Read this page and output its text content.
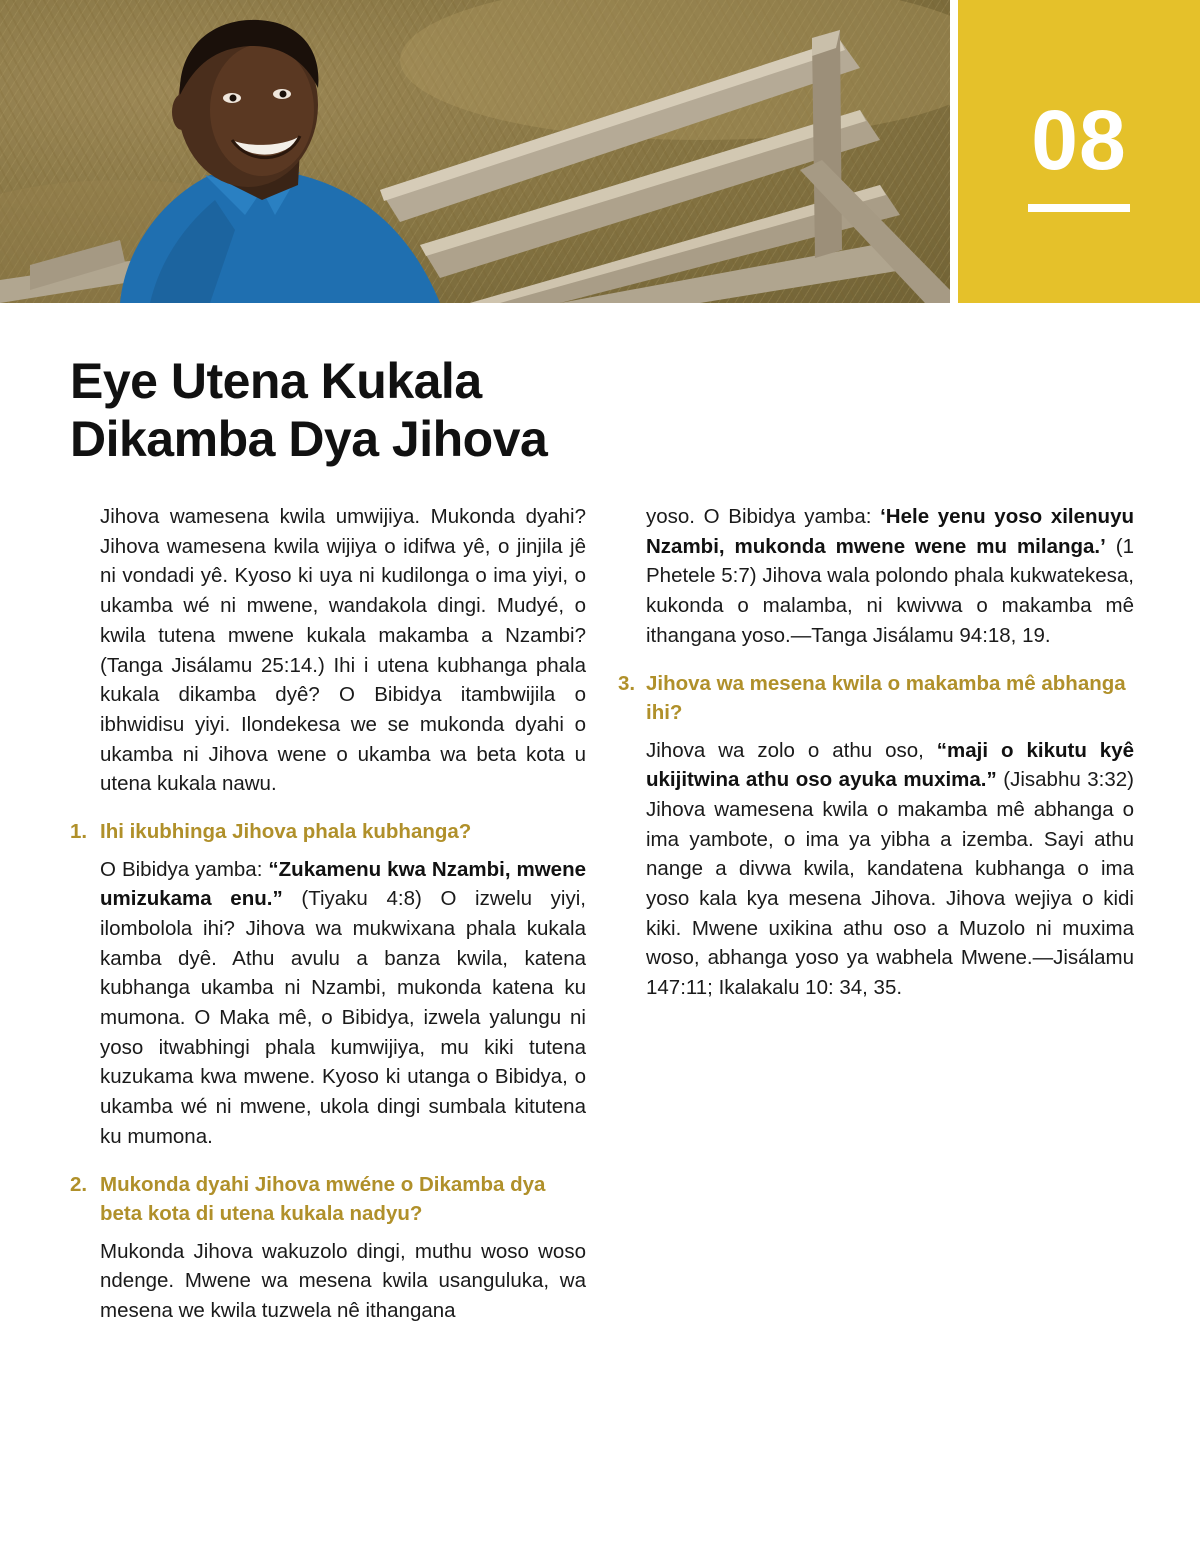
08
Eye Utena Kukala
Dikamba Dya Jihova

Jihova wamesena kwila umwijiya. Mukonda dyahi? Jihova wamesena kwila wijiya o idifwa yê, o jinjila jê ni vondadi yê. Kyoso ki uya ni kudilonga o ima yiyi, o ukamba wé ni mwene, wandakola dingi. Mudyé, o kwila tutena mwene kukala makamba a Nzambi? (Tanga Jisálamu 25:14.) Ihi i utena kubhanga phala kukala dikamba dyê? O Bibidya itambwijila o ibhwidisu yiyi. Ilondekesa we se mukonda dyahi o ukamba ni Jihova wene o ukamba wa beta kota u utena kukala nawu.

1. Ihi ikubhinga Jihova phala kubhanga?

O Bibidya yamba: “Zukamenu kwa Nzambi, mwene umizukama enu.” (Tiyaku 4:8) O izwelu yiyi, ilombolola ihi? Jihova wa mukwixana phala kukala kamba dyê. Athu avulu a banza kwila, katena kubhanga ukamba ni Nzambi, mukonda katena ku mumona. O Maka mê, o Bibidya, izwela yalungu ni yoso itwabhingi phala kumwijiya, mu kiki tutena kuzukama kwa mwene. Kyoso ki utanga o Bibidya, o ukamba wé ni mwene, ukola dingi sumbala kitutena ku mumona.

2. Mukonda dyahi Jihova mwéne o Dikamba dya beta kota di utena kukala nadyu?

Mukonda Jihova wakuzolo dingi, muthu woso woso ndenge. Mwene wa mesena kwila usanguluka, wa mesena we kwila tuzwela nê ithangana

yoso. O Bibidya yamba: ‘Hele yenu yoso xilenuyu Nzambi, mukonda mwene wene mu milanga.’ (1 Phetele 5:7) Jihova wala polondo phala kukwatekesa, kukonda o malamba, ni kwivwa o makamba mê ithangana yoso.—Tanga Jisálamu 94:18, 19.

3. Jihova wa mesena kwila o makamba mê abhanga ihi?

Jihova wa zolo o athu oso, “maji o kikutu kyê ukijitwina athu oso ayuka muxima.” (Jisabhu 3:32) Jihova wamesena kwila o makamba mê abhanga o ima yambote, o ima ya yibha a izemba. Sayi athu nange a divwa kwila, kandatena kubhanga o ima yoso kala kya mesena Jihova. Jihova wejiya o kidi kiki. Mwene uxikina athu oso a Muzolo ni muxima woso, abhanga yoso ya wabhela Mwene.—Jisálamu 147:11; Ikalakalu 10: 34, 35.
